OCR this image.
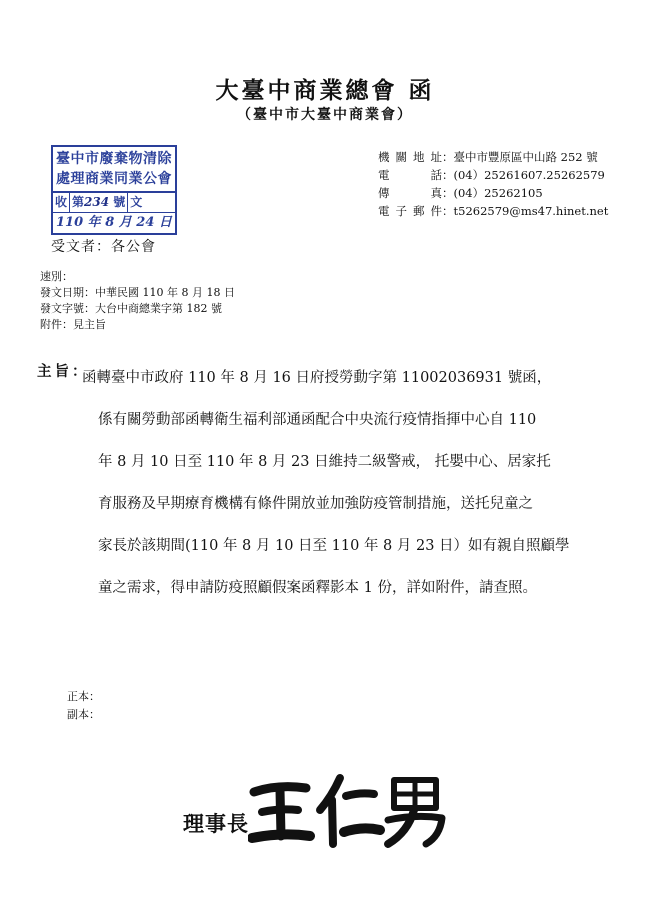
大臺中商業總會 函
（臺中市大臺中商業會）
臺中市廢棄物清除
處理商業同業公會
收 第234 號 文
110 年 8 月 24 日
機關地址：臺中市豐原區中山路 252 號
電　　話：(04）25261607.25262579
傳　　真：(04）25262105
電子郵件：t5262579@ms47.hinet.net
受文者：各公會
速別：
發文日期：中華民國 110 年 8 月 18 日
發文字號：大台中商總業字第 182 號
附件：見主旨
主旨：
函轉臺中市政府 110 年 8 月 16 日府授勞動字第 11002036931 號函，
係有關勞動部函轉衛生福利部通函配合中央流行疫情指揮中心自 110
年 8 月 10 日至 110 年 8 月 23 日維持二級警戒， 托嬰中心、居家托
育服務及早期療育機構有條件開放並加強防疫管制措施，送托兒童之
家長於該期間(110 年 8 月 10 日至 110 年 8 月 23 日）如有親自照顧學
童之需求，得申請防疫照顧假案函釋影本 1 份，詳如附件，請查照。
正本：
副本：
理事長
